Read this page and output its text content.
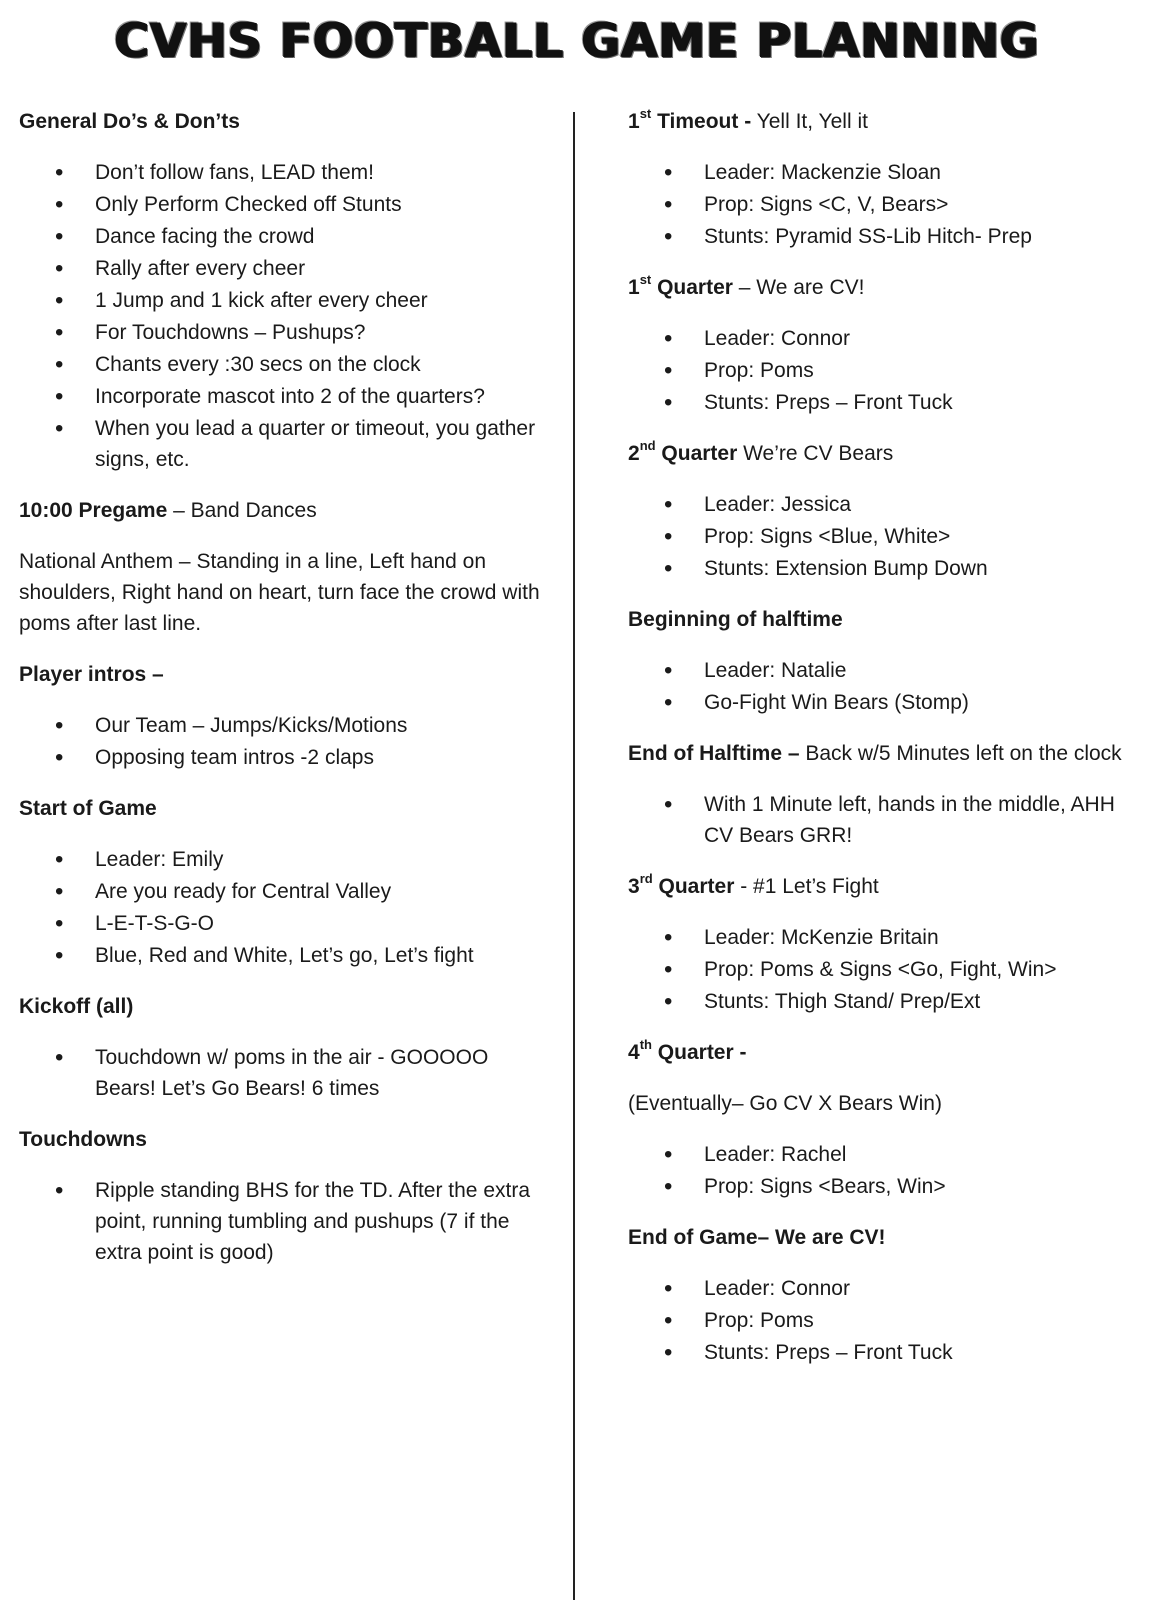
CVHS FOOTBALL GAME PLANNING
General Do’s & Don’ts
• Don’t follow fans, LEAD them!
• Only Perform Checked off Stunts
• Dance facing the crowd
• Rally after every cheer
• 1 Jump and 1 kick after every cheer
• For Touchdowns – Pushups?
• Chants every :30 secs on the clock
• Incorporate mascot into 2 of the quarters?
• When you lead a quarter or timeout, you gather signs, etc.
10:00 Pregame – Band Dances
National Anthem – Standing in a line, Left hand on shoulders, Right hand on heart, turn face the crowd with poms after last line.
Player intros –
• Our Team – Jumps/Kicks/Motions
• Opposing team intros -2 claps
Start of Game
• Leader: Emily
• Are you ready for Central Valley
• L-E-T-S-G-O
• Blue, Red and White, Let’s go, Let’s fight
Kickoff (all)
• Touchdown w/ poms in the air - GOOOOO Bears! Let’s Go Bears! 6 times
Touchdowns
• Ripple standing BHS for the TD. After the extra point, running tumbling and pushups (7 if the extra point is good)
1st Timeout - Yell It, Yell it
• Leader: Mackenzie Sloan
• Prop: Signs <C, V, Bears>
• Stunts: Pyramid SS-Lib Hitch- Prep
1st Quarter – We are CV!
• Leader: Connor
• Prop: Poms
• Stunts: Preps – Front Tuck
2nd Quarter We’re CV Bears
• Leader: Jessica
• Prop: Signs <Blue, White>
• Stunts: Extension Bump Down
Beginning of halftime
• Leader: Natalie
• Go-Fight Win Bears (Stomp)
End of Halftime – Back w/5 Minutes left on the clock
• With 1 Minute left, hands in the middle, AHH CV Bears GRR!
3rd Quarter - #1 Let’s Fight
• Leader: McKenzie Britain
• Prop: Poms & Signs <Go, Fight, Win>
• Stunts: Thigh Stand/ Prep/Ext
4th Quarter -
(Eventually– Go CV X Bears Win)
• Leader: Rachel
• Prop: Signs <Bears, Win>
End of Game– We are CV!
• Leader: Connor
• Prop: Poms
• Stunts: Preps – Front Tuck
